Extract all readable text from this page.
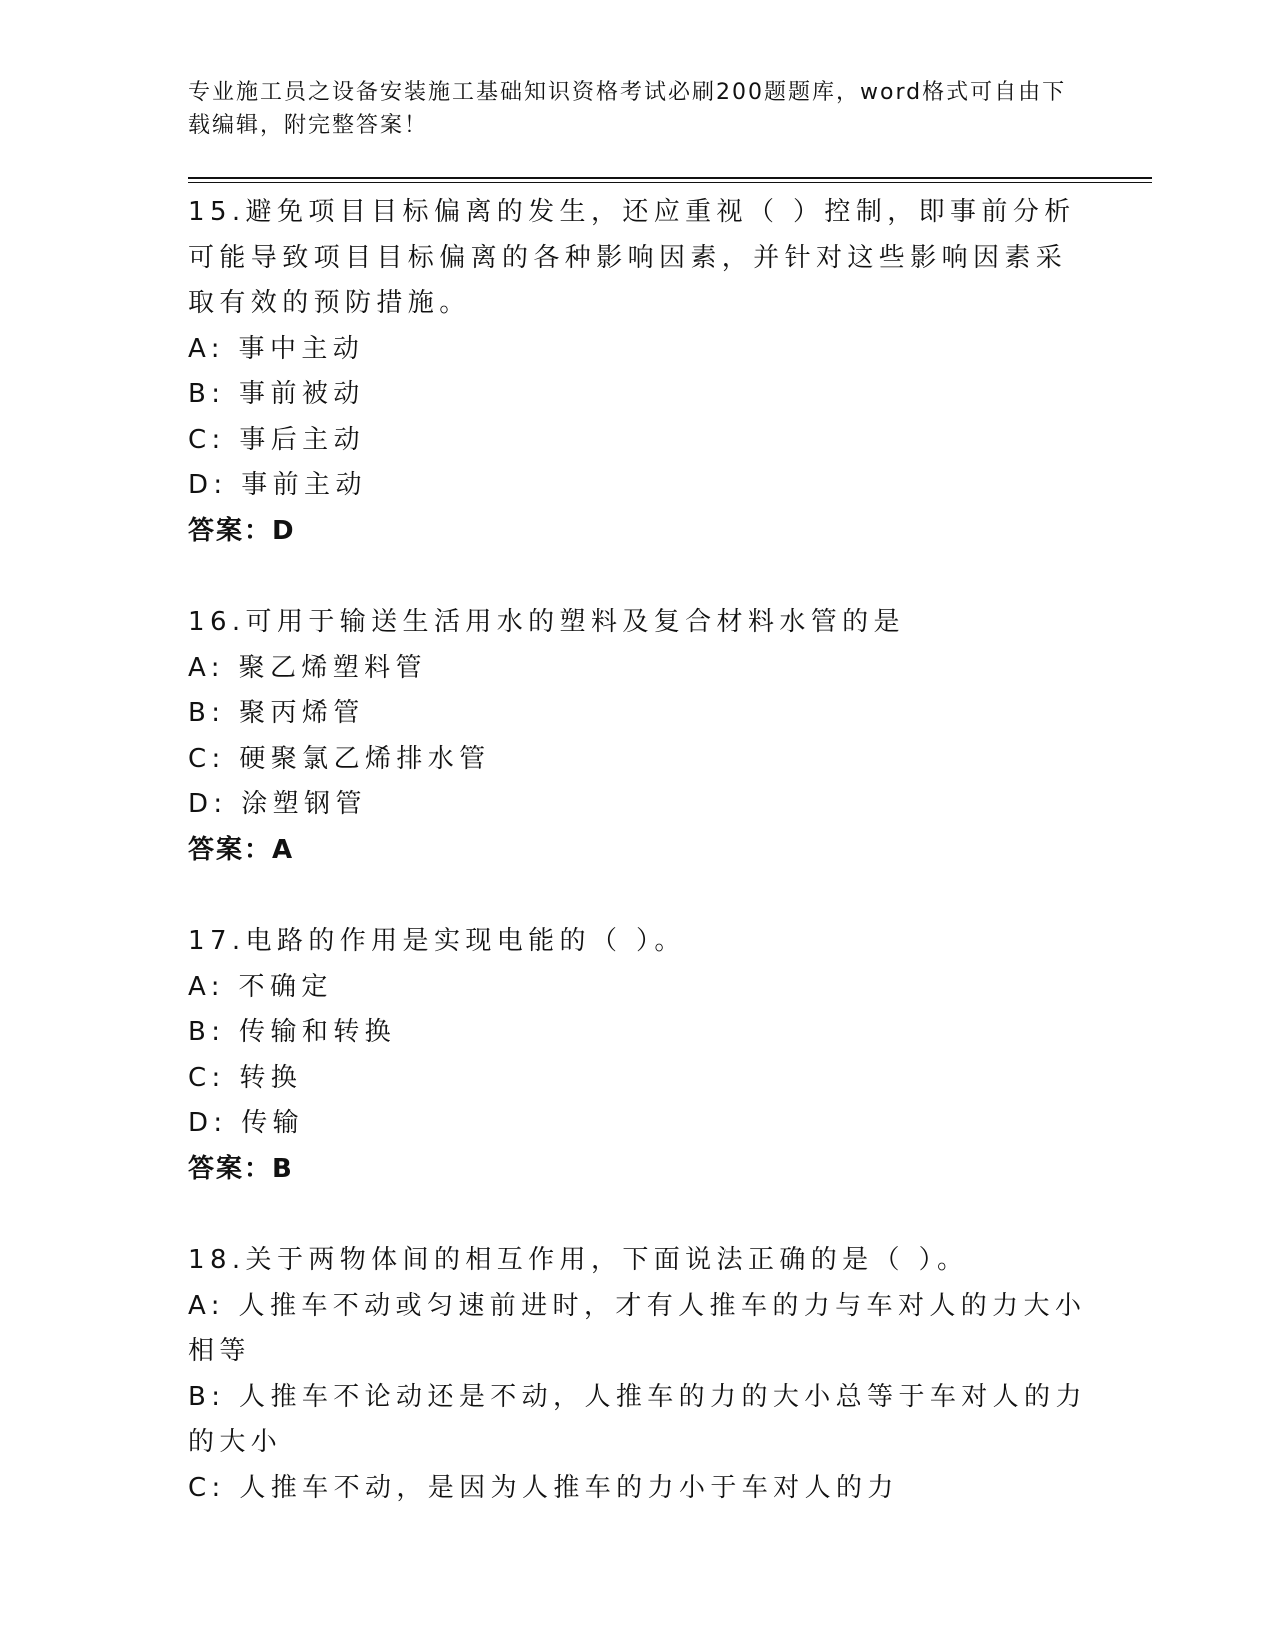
专业施工员之设备安装施工基础知识资格考试必刷200题题库，word格式可自由下载编辑，附完整答案！
15.避免项目目标偏离的发生，还应重视（ ）控制，即事前分析可能导致项目目标偏离的各种影响因素，并针对这些影响因素采取有效的预防措施。
A: 事中主动
B: 事前被动
C: 事后主动
D: 事前主动
答案：D
16.可用于输送生活用水的塑料及复合材料水管的是
A: 聚乙烯塑料管
B: 聚丙烯管
C: 硬聚氯乙烯排水管
D: 涂塑钢管
答案：A
17.电路的作用是实现电能的（ ）。
A: 不确定
B: 传输和转换
C: 转换
D: 传输
答案：B
18.关于两物体间的相互作用，下面说法正确的是（ ）。
A: 人推车不动或匀速前进时，才有人推车的力与车对人的力大小相等
B: 人推车不论动还是不动，人推车的力的大小总等于车对人的力的大小
C: 人推车不动，是因为人推车的力小于车对人的力
